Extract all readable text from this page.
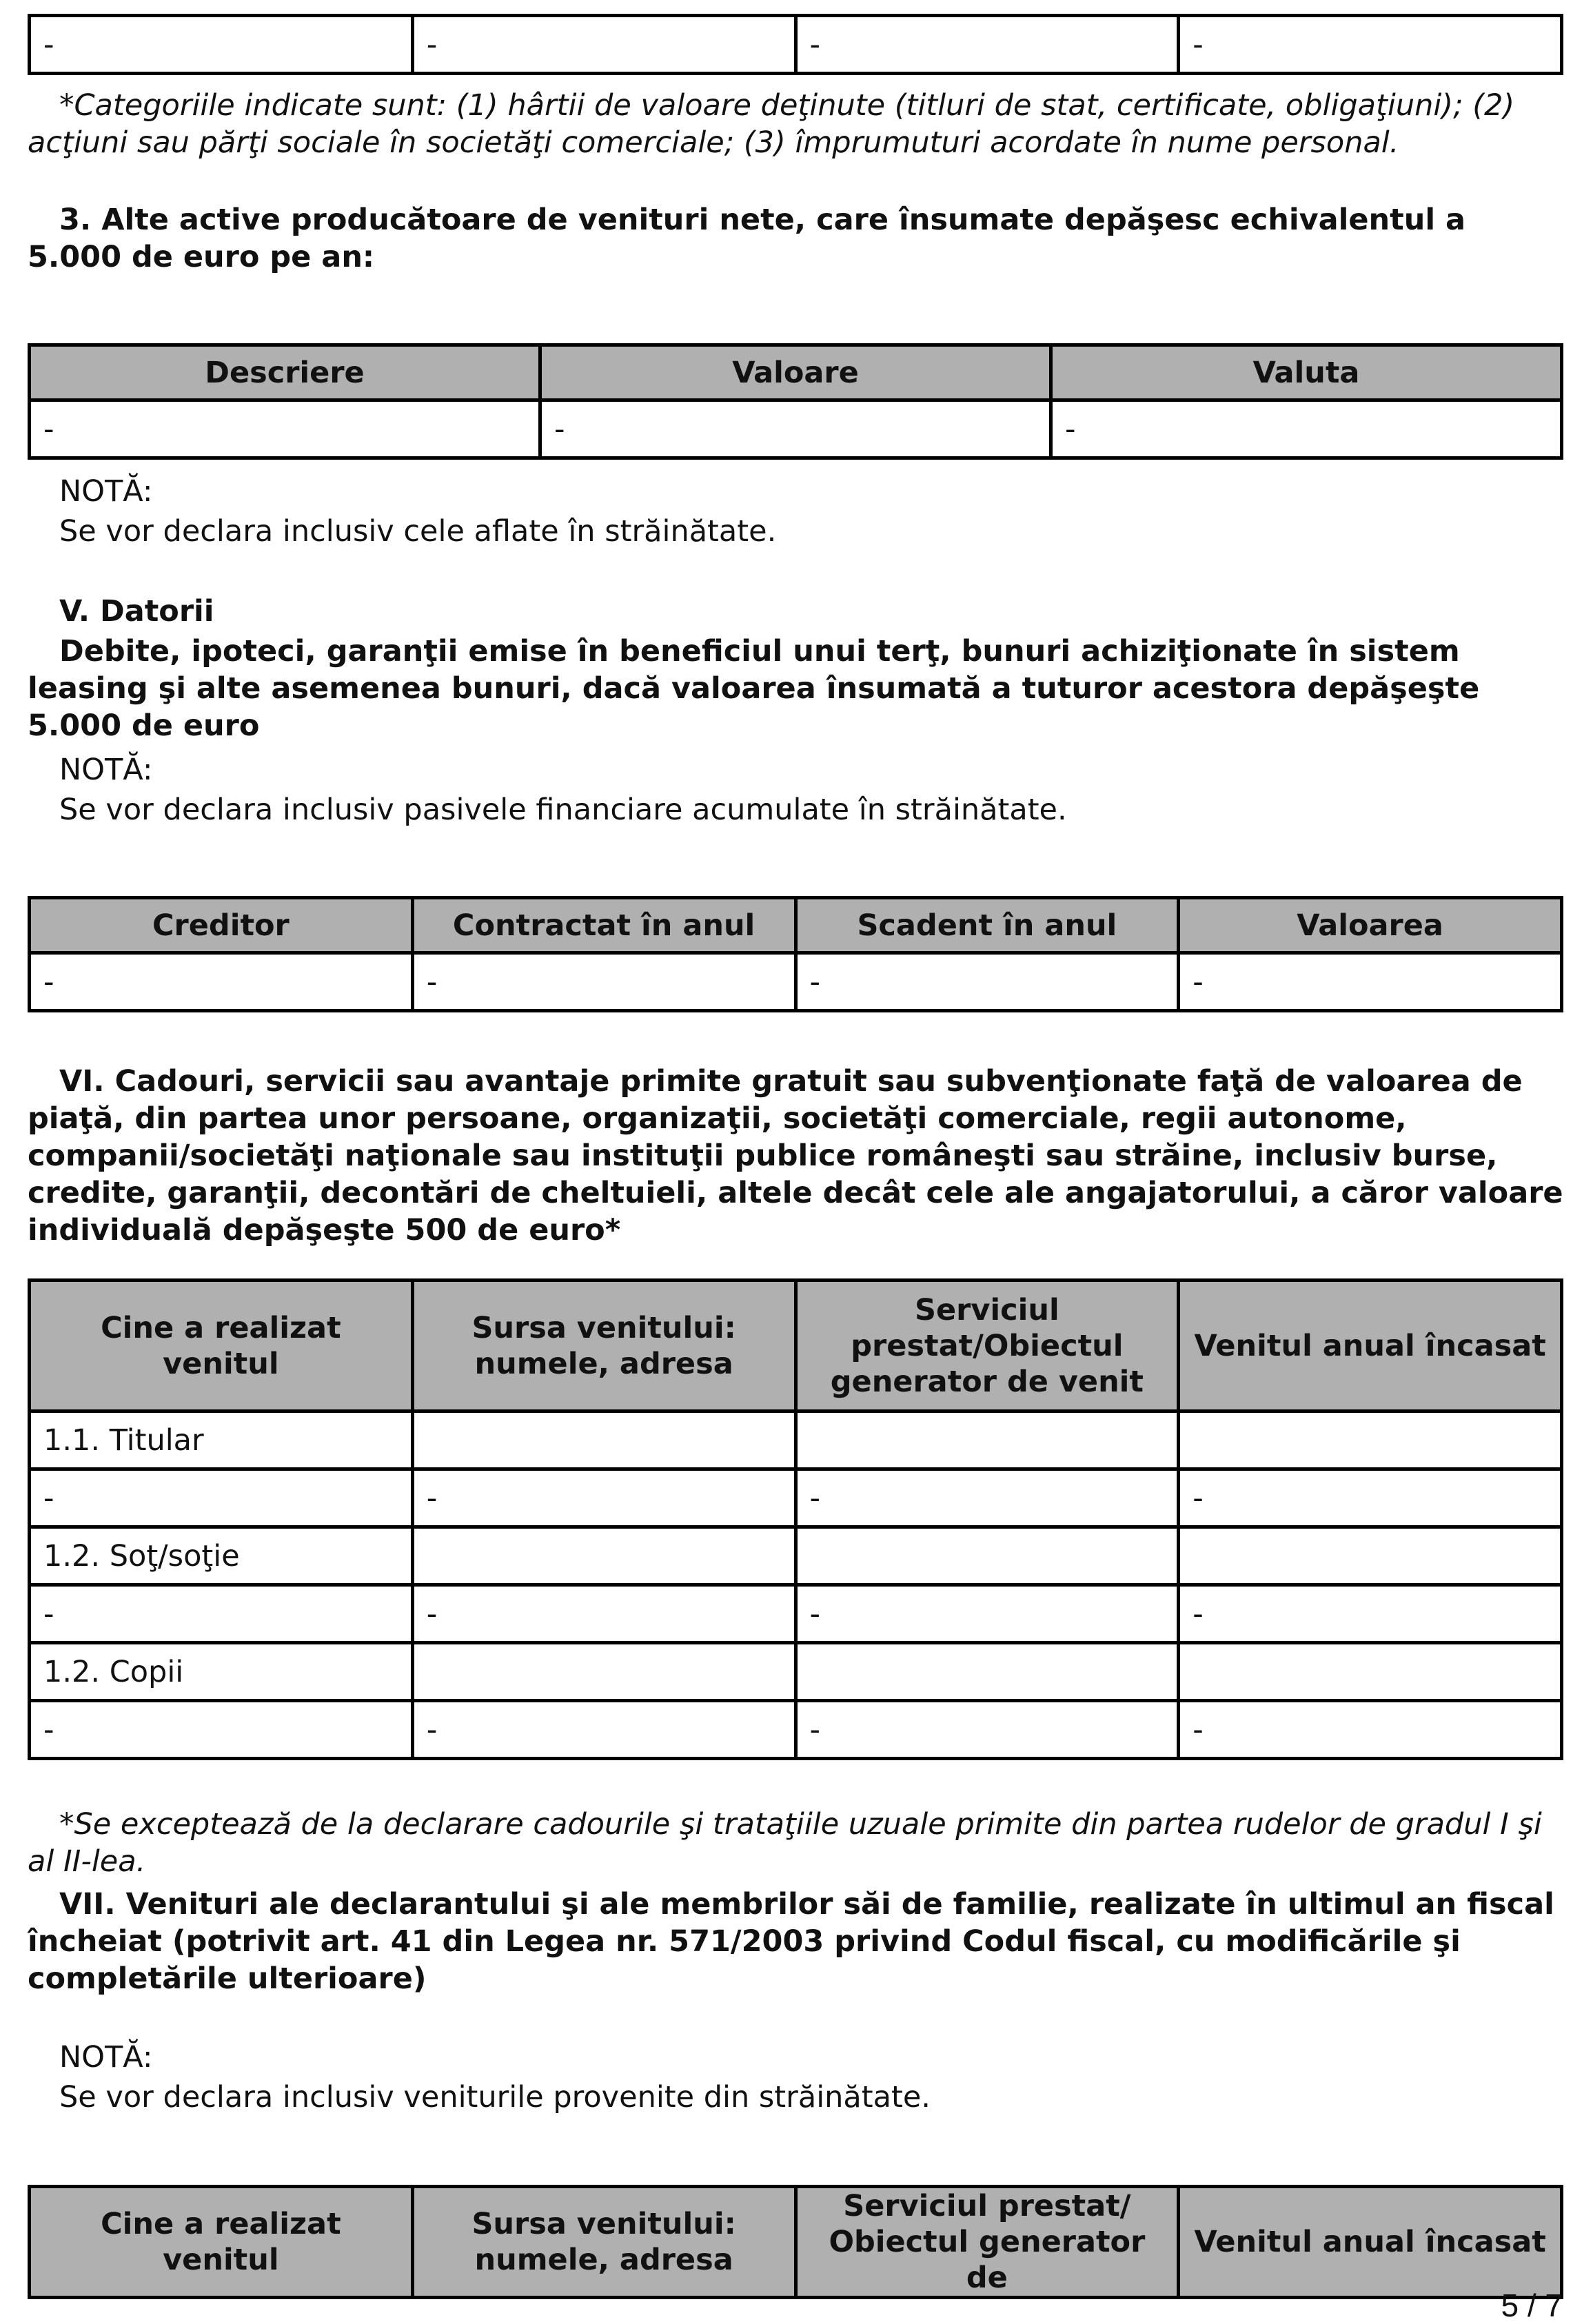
-	-	-	-

*Categoriile indicate sunt: (1) hârtii de valoare deţinute (titluri de stat, certificate, obligaţiuni); (2) acţiuni sau părţi sociale în societăţi comerciale; (3) împrumuturi acordate în nume personal.

3. Alte active producătoare de venituri nete, care însumate depăşesc echivalentul a 5.000 de euro pe an:

Descriere	Valoare	Valuta
-	-	-
NOTĂ:
Se vor declara inclusiv cele aflate în străinătate.
V. Datorii

Debite, ipoteci, garanţii emise în beneficiul unui terţ, bunuri achiziţionate în sistem leasing şi alte asemenea bunuri, dacă valoarea însumată a tuturor acestora depăşeşte 5.000 de euro

NOTĂ:
Se vor declara inclusiv pasivele financiare acumulate în străinătate.
Creditor	Contractat în anul	Scadent în anul	Valoarea
-	-	-	-

VI. Cadouri, servicii sau avantaje primite gratuit sau subvenţionate faţă de valoarea de piaţă, din partea unor persoane, organizaţii, societăţi comerciale, regii autonome, companii/societăţi naţionale sau instituţii publice româneşti sau străine, inclusiv burse, credite, garanţii, decontări de cheltuieli, altele decât cele ale angajatorului, a căror valoare individuală depăşeşte 500 de euro*

Cine a realizat venitul	Sursa venitului: numele, adresa	Serviciul prestat/Obiectul generator de venit	Venitul anual încasat
1.1. Titular			
-	-	-	-
1.2. Soţ/soţie			
-	-	-	-
1.2. Copii			
-	-	-	-

*Se exceptează de la declarare cadourile şi trataţiile uzuale primite din partea rudelor de gradul I şi al II-lea.

VII. Venituri ale declarantului şi ale membrilor săi de familie, realizate în ultimul an fiscal încheiat (potrivit art. 41 din Legea nr. 571/2003 privind Codul fiscal, cu modificările şi completările ulterioare)

NOTĂ:
Se vor declara inclusiv veniturile provenite din străinătate.
Cine a realizat venitul	Sursa venitului: numele, adresa	Serviciul prestat/ Obiectul generator de	Venitul anual încasat
5 / 7
